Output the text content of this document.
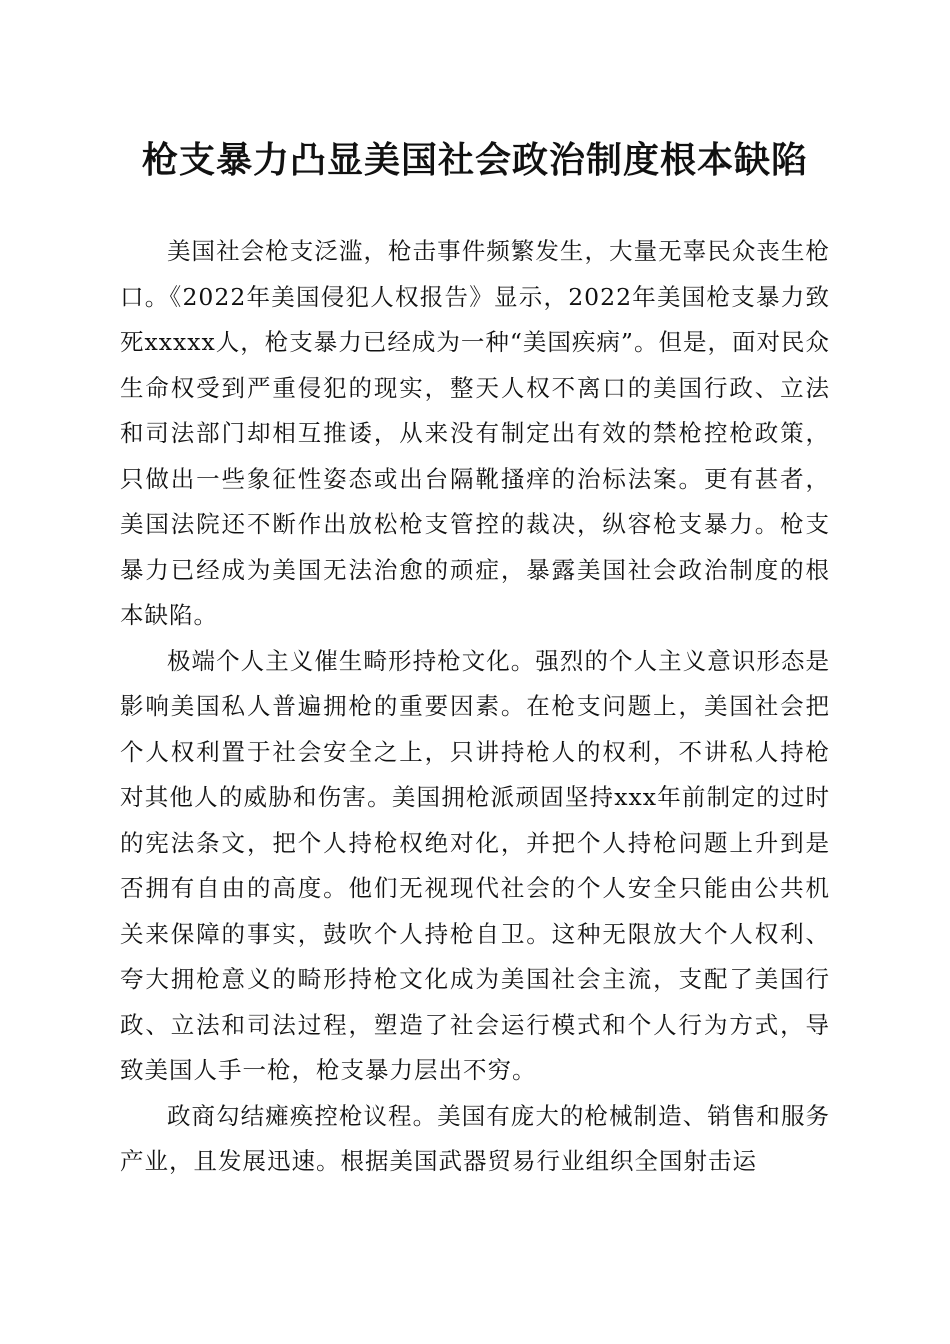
枪支暴力凸显美国社会政治制度根本缺陷

美国社会枪支泛滥，枪击事件频繁发生，大量无辜民众丧生枪口。《2022年美国侵犯人权报告》显示，2022年美国枪支暴力致死xxxxx人，枪支暴力已经成为一种“美国疾病”。但是，面对民众生命权受到严重侵犯的现实，整天人权不离口的美国行政、立法和司法部门却相互推诿，从来没有制定出有效的禁枪控枪政策，只做出一些象征性姿态或出台隔靴搔痒的治标法案。更有甚者，美国法院还不断作出放松枪支管控的裁决，纵容枪支暴力。枪支暴力已经成为美国无法治愈的顽症，暴露美国社会政治制度的根本缺陷。

极端个人主义催生畸形持枪文化。强烈的个人主义意识形态是影响美国私人普遍拥枪的重要因素。在枪支问题上，美国社会把个人权利置于社会安全之上，只讲持枪人的权利，不讲私人持枪对其他人的威胁和伤害。美国拥枪派顽固坚持xxx年前制定的过时的宪法条文，把个人持枪权绝对化，并把个人持枪问题上升到是否拥有自由的高度。他们无视现代社会的个人安全只能由公共机关来保障的事实，鼓吹个人持枪自卫。这种无限放大个人权利、夸大拥枪意义的畸形持枪文化成为美国社会主流，支配了美国行政、立法和司法过程，塑造了社会运行模式和个人行为方式，导致美国人手一枪，枪支暴力层出不穷。

政商勾结瘫痪控枪议程。美国有庞大的枪械制造、销售和服务产业，且发展迅速。根据美国武器贸易行业组织全国射击运
